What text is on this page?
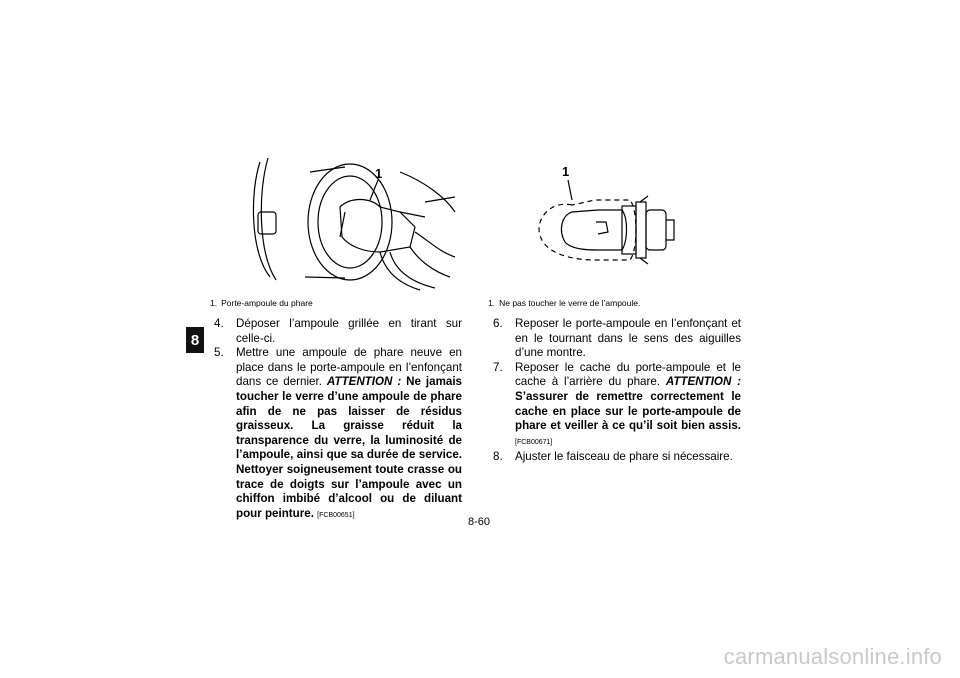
8
1
1. Porte-ampoule du phare
1
1. Ne pas toucher le verre de l’ampoule.
4. Déposer l’ampoule grillée en tirant sur celle-ci.
5. Mettre une ampoule de phare neuve en place dans le porte-ampoule en l’enfonçant dans ce dernier. ATTENTION : Ne jamais toucher le verre d’une ampoule de phare afin de ne pas laisser de résidus graisseux. La graisse réduit la transparence du verre, la luminosité de l’ampoule, ainsi que sa durée de service. Nettoyer soigneusement toute crasse ou trace de doigts sur l’ampoule avec un chiffon imbibé d’alcool ou de diluant pour peinture. [FCB00651]
6. Reposer le porte-ampoule en l’enfonçant et en le tournant dans le sens des aiguilles d’une montre.
7. Reposer le cache du porte-ampoule et le cache à l’arrière du phare. ATTENTION : S’assurer de remettre correctement le cache en place sur le porte-ampoule de phare et veiller à ce qu’il soit bien assis. [FCB00671]
8. Ajuster le faisceau de phare si nécessaire.
8-60
carmanualsonline.info
